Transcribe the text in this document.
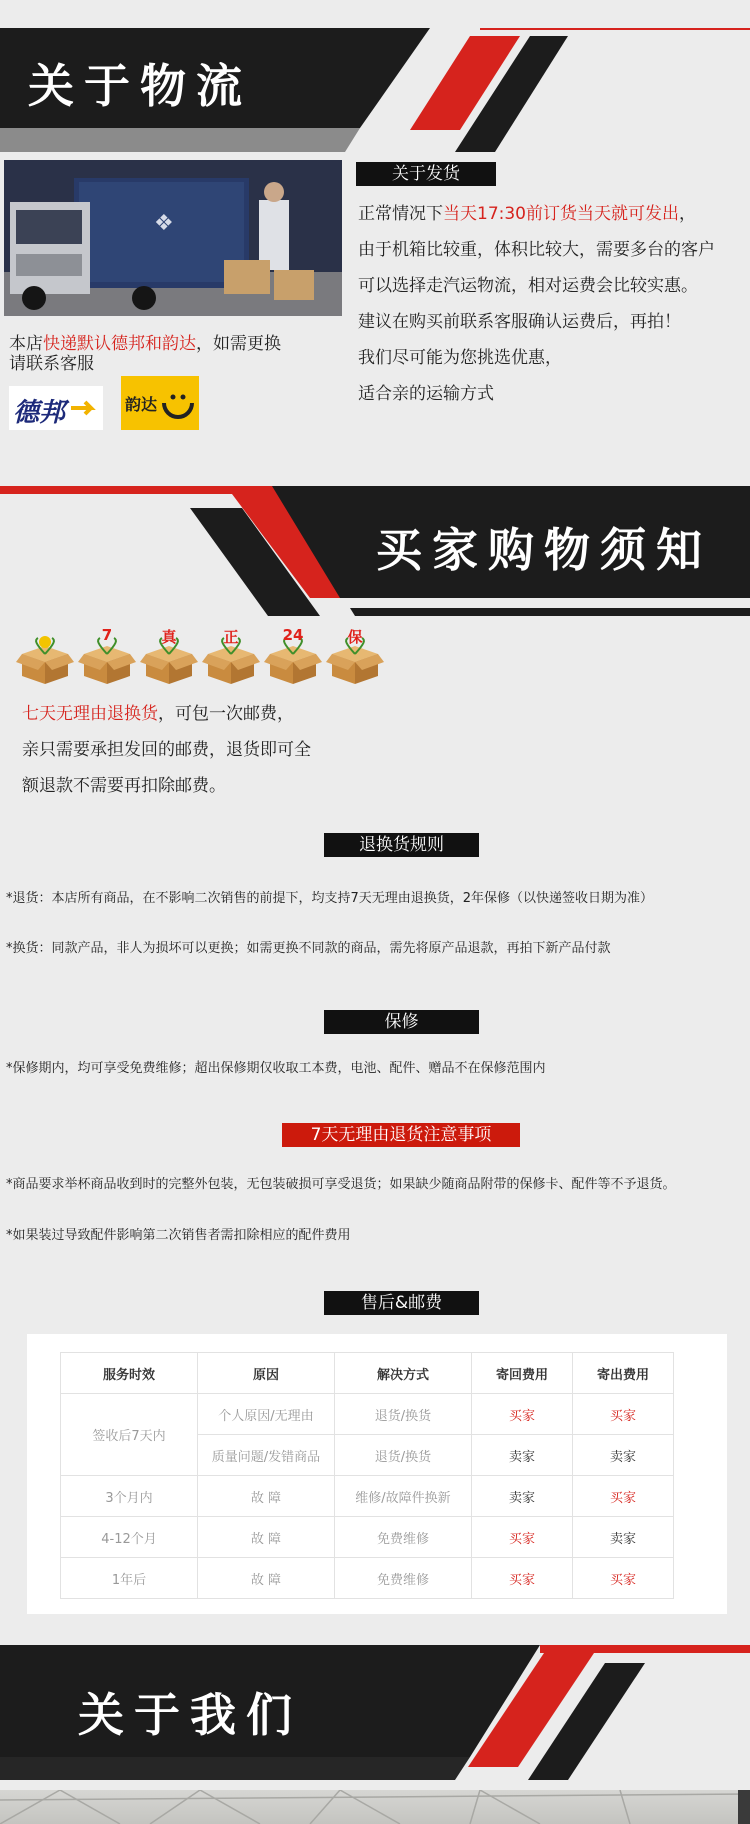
关于物流
❖
关于发货
正常情况下当天17:30前订货当天就可发出，
由于机箱比较重，体积比较大，需要多台的客户
可以选择走汽运物流，相对运费会比较实惠。
建议在购买前联系客服确认运费后，再拍！
我们尽可能为您挑选优惠，
适合亲的运输方式
本店快递默认德邦和韵达，如需更换
请联系客服
德邦	韵达
买家购物须知
7	真	正	24	保
七天无理由退换货，可包一次邮费，
亲只需要承担发回的邮费，退货即可全
额退款不需要再扣除邮费。
退换货规则
*退货：本店所有商品，在不影响二次销售的前提下，均支持7天无理由退换货，2年保修（以快递签收日期为准）
*换货：同款产品，非人为损坏可以更换；如需更换不同款的商品，需先将原产品退款，再拍下新产品付款
保修
*保修期内，均可享受免费维修；超出保修期仅收取工本费，电池、配件、赠品不在保修范围内
7天无理由退货注意事项
*商品要求举杯商品收到时的完整外包装，无包装破损可享受退货；如果缺少随商品附带的保修卡、配件等不予退货。
*如果装过导致配件影响第二次销售者需扣除相应的配件费用
售后&邮费
服务时效	原因	解决方式	寄回费用	寄出费用
签收后7天内	个人原因/无理由	退货/换货	买家	买家
	质量问题/发错商品	退货/换货	卖家	卖家
3个月内	故 障	维修/故障件换新	卖家	买家
4-12个月	故 障	免费维修	买家	卖家
1年后	故 障	免费维修	买家	买家
关于我们
